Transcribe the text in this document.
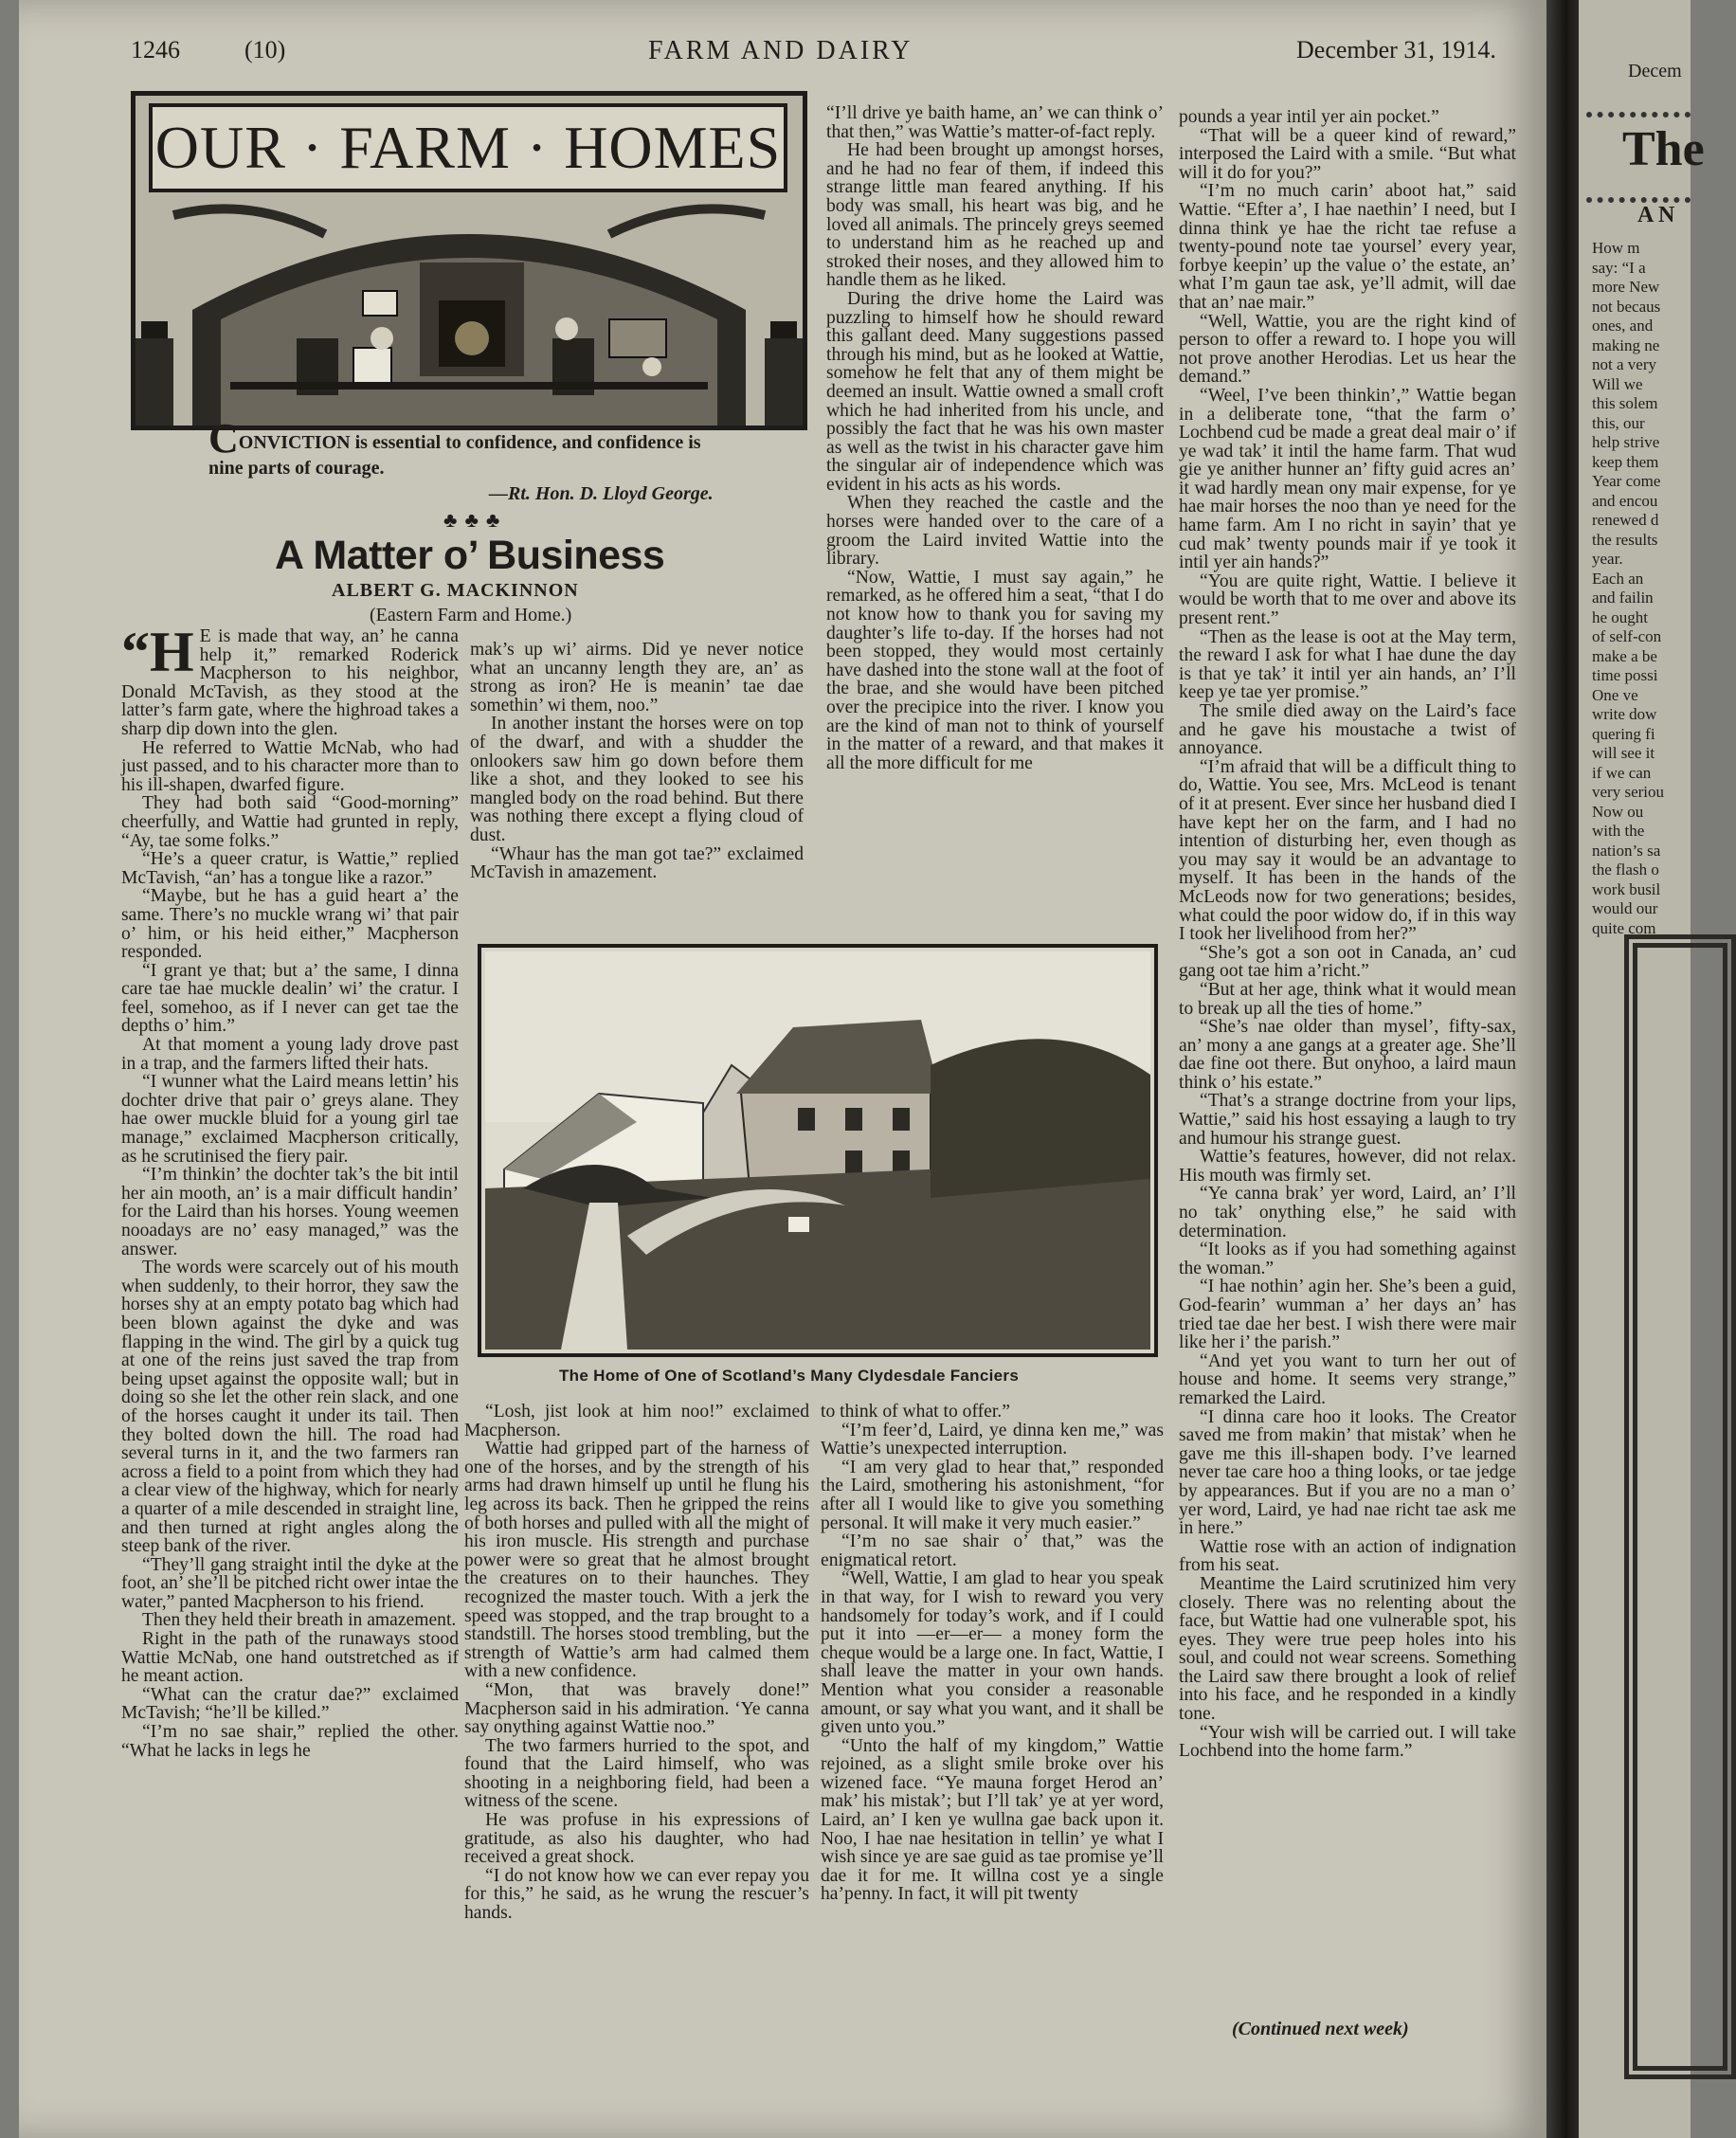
1246	(10)	FARM AND DAIRY	December 31, 1914.
OUR · FARM · HOMES
CONVICTION is essential to confidence, and confidence is nine parts of courage.
—Rt. Hon. D. Lloyd George.
♣♣♣
A Matter o’ Business
ALBERT G. MACKINNON
(Eastern Farm and Home.)

“H E is made that way, an’ he canna help it,” remarked Roderick Macpherson to his neighbor, Donald McTavish, as they stood at the latter’s farm gate, where the highroad takes a sharp dip down into the glen.

He referred to Wattie McNab, who had just passed, and to his character more than to his ill-shapen, dwarfed figure.

They had both said “Good-morning” cheerfully, and Wattie had grunted in reply, “Ay, tae some folks.”

“He’s a queer cratur, is Wattie,” replied McTavish, “an’ has a tongue like a razor.”

“Maybe, but he has a guid heart a’ the same. There’s no muckle wrang wi’ that pair o’ him, or his heid either,” Macpherson responded.

“I grant ye that; but a’ the same, I dinna care tae hae muckle dealin’ wi’ the cratur. I feel, somehoo, as if I never can get tae the depths o’ him.”

At that moment a young lady drove past in a trap, and the farmers lifted their hats.

“I wunner what the Laird means lettin’ his dochter drive that pair o’ greys alane. They hae ower muckle bluid for a young girl tae manage,” exclaimed Macpherson critically, as he scrutinised the fiery pair.

“I’m thinkin’ the dochter tak’s the bit intil her ain mooth, an’ is a mair difficult handin’ for the Laird than his horses. Young weemen nooadays are no’ easy managed,” was the answer.

The words were scarcely out of his mouth when suddenly, to their horror, they saw the horses shy at an empty potato bag which had been blown against the dyke and was flapping in the wind. The girl by a quick tug at one of the reins just saved the trap from being upset against the opposite wall; but in doing so she let the other rein slack, and one of the horses caught it under its tail. Then they bolted down the hill. The road had several turns in it, and the two farmers ran across a field to a point from which they had a clear view of the highway, which for nearly a quarter of a mile descended in straight line, and then turned at right angles along the steep bank of the river.

“They’ll gang straight intil the dyke at the foot, an’ she’ll be pitched richt ower intae the water,” panted Macpherson to his friend.

Then they held their breath in amazement.

Right in the path of the runaways stood Wattie McNab, one hand outstretched as if he meant action.

“What can the cratur dae?” exclaimed McTavish; “he’ll be killed.”

“I’m no sae shair,” replied the other. “What he lacks in legs he

mak’s up wi’ airms. Did ye never notice what an uncanny length they are, an’ as strong as iron? He is meanin’ tae dae somethin’ wi them, noo.”

In another instant the horses were on top of the dwarf, and with a shudder the onlookers saw him go down before them like a shot, and they looked to see his mangled body on the road behind. But there was nothing there except a flying cloud of dust.

“Whaur has the man got tae?” exclaimed McTavish in amazement.

“I’ll drive ye baith hame, an’ we can think o’ that then,” was Wattie’s matter-of-fact reply.

He had been brought up amongst horses, and he had no fear of them, if indeed this strange little man feared anything. If his body was small, his heart was big, and he loved all animals. The princely greys seemed to understand him as he reached up and stroked their noses, and they allowed him to handle them as he liked.

During the drive home the Laird was puzzling to himself how he should reward this gallant deed. Many suggestions passed through his mind, but as he looked at Wattie, somehow he felt that any of them might be deemed an insult. Wattie owned a small croft which he had inherited from his uncle, and possibly the fact that he was his own master as well as the twist in his character gave him the singular air of independence which was evident in his acts as his words.

When they reached the castle and the horses were handed over to the care of a groom the Laird invited Wattie into the library.

“Now, Wattie, I must say again,” he remarked, as he offered him a seat, “that I do not know how to thank you for saving my daughter’s life to-day. If the horses had not been stopped, they would most certainly have dashed into the stone wall at the foot of the brae, and she would have been pitched over the precipice into the river. I know you are the kind of man not to think of yourself in the matter of a reward, and that makes it all the more difficult for me

pounds a year intil yer ain pocket.”

“That will be a queer kind of reward,” interposed the Laird with a smile. “But what will it do for you?”

“I’m no much carin’ aboot hat,” said Wattie. “Efter a’, I hae naethin’ I need, but I dinna think ye hae the richt tae refuse a twenty-pound note tae yoursel’ every year, forbye keepin’ up the value o’ the estate, an’ what I’m gaun tae ask, ye’ll admit, will dae that an’ nae mair.”

“Well, Wattie, you are the right kind of person to offer a reward to. I hope you will not prove another Herodias. Let us hear the demand.”

“Weel, I’ve been thinkin’,” Wattie began in a deliberate tone, “that the farm o’ Lochbend cud be made a great deal mair o’ if ye wad tak’ it intil the hame farm. That wud gie ye anither hunner an’ fifty guid acres an’ it wad hardly mean ony mair expense, for ye hae mair horses the noo than ye need for the hame farm. Am I no richt in sayin’ that ye cud mak’ twenty pounds mair if ye took it intil yer ain hands?”

“You are quite right, Wattie. I believe it would be worth that to me over and above its present rent.”

“Then as the lease is oot at the May term, the reward I ask for what I hae dune the day is that ye tak’ it intil yer ain hands, an’ I’ll keep ye tae yer promise.”

The smile died away on the Laird’s face and he gave his moustache a twist of annoyance.

“I’m afraid that will be a difficult thing to do, Wattie. You see, Mrs. McLeod is tenant of it at present. Ever since her husband died I have kept her on the farm, and I had no intention of disturbing her, even though as you may say it would be an advantage to myself. It has been in the hands of the McLeods now for two generations; besides, what could the poor widow do, if in this way I took her livelihood from her?”

“She’s got a son oot in Canada, an’ cud gang oot tae him a’richt.”

“But at her age, think what it would mean to break up all the ties of home.”

“She’s nae older than mysel’, fifty-sax, an’ mony a ane gangs at a greater age. She’ll dae fine oot there. But onyhoo, a laird maun think o’ his estate.”

“That’s a strange doctrine from your lips, Wattie,” said his host essaying a laugh to try and humour his strange guest.

Wattie’s features, however, did not relax. His mouth was firmly set.

“Ye canna brak’ yer word, Laird, an’ I’ll no tak’ onything else,” he said with determination.

“It looks as if you had something against the woman.”

“I hae nothin’ agin her. She’s been a guid, God-fearin’ wumman a’ her days an’ has tried tae dae her best. I wish there were mair like her i’ the parish.”

“And yet you want to turn her out of house and home. It seems very strange,” remarked the Laird.

“I dinna care hoo it looks. The Creator saved me from makin’ that mistak’ when he gave me this ill-shapen body. I’ve learned never tae care hoo a thing looks, or tae jedge by appearances. But if you are no a man o’ yer word, Laird, ye had nae richt tae ask me in here.”

Wattie rose with an action of indignation from his seat.

Meantime the Laird scrutinized him very closely. There was no relenting about the face, but Wattie had one vulnerable spot, his eyes. They were true peep holes into his soul, and could not wear screens. Something the Laird saw there brought a look of relief into his face, and he responded in a kindly tone.

“Your wish will be carried out. I will take Lochbend into the home farm.”

The Home of One of Scotland’s Many Clydesdale Fanciers

“Losh, jist look at him noo!” exclaimed Macpherson.

Wattie had gripped part of the harness of one of the horses, and by the strength of his arms had drawn himself up until he flung his leg across its back. Then he gripped the reins of both horses and pulled with all the might of his iron muscle. His strength and purchase power were so great that he almost brought the creatures on to their haunches. They recognized the master touch. With a jerk the speed was stopped, and the trap brought to a standstill. The horses stood trembling, but the strength of Wattie’s arm had calmed them with a new confidence.

“Mon, that was bravely done!” Macpherson said in his admiration. ‘Ye canna say onything against Wattie noo.”

The two farmers hurried to the spot, and found that the Laird himself, who was shooting in a neighboring field, had been a witness of the scene.

He was profuse in his expressions of gratitude, as also his daughter, who had received a great shock.

“I do not know how we can ever repay you for this,” he said, as he wrung the rescuer’s hands.

to think of what to offer.”

“I’m feer’d, Laird, ye dinna ken me,” was Wattie’s unexpected interruption.

“I am very glad to hear that,” responded the Laird, smothering his astonishment, “for after all I would like to give you something personal. It will make it very much easier.”

“I’m no sae shair o’ that,” was the enigmatical retort.

“Well, Wattie, I am glad to hear you speak in that way, for I wish to reward you very handsomely for today’s work, and if I could put it into —er—er— a money form the cheque would be a large one. In fact, Wattie, I shall leave the matter in your own hands. Mention what you consider a reasonable amount, or say what you want, and it shall be given unto you.”

“Unto the half of my kingdom,” Wattie rejoined, as a slight smile broke over his wizened face. “Ye mauna forget Herod an’ mak’ his mistak’; but I’ll tak’ ye at yer word, Laird, an’ I ken ye wullna gae back upon it. Noo, I hae nae hesitation in tellin’ ye what I wish since ye are sae guid as tae promise ye’ll dae it for me. It willna cost ye a single ha’penny. In fact, it will pit twenty

(Continued next week)
Decem
The
A N
How m
say: “I a
more New
not becaus
ones, and
making ne
not a very
Will we
this solem
this, our
help strive
keep them
Year come
and encou
renewed d
the results
year.
Each an
and failin
he ought
of self-con
make a be
time possi
One ve
write dow
quering fi
will see it
if we can
very seriou
Now ou
with the
nation’s sa
the flash o
work busil
would our
quite com
